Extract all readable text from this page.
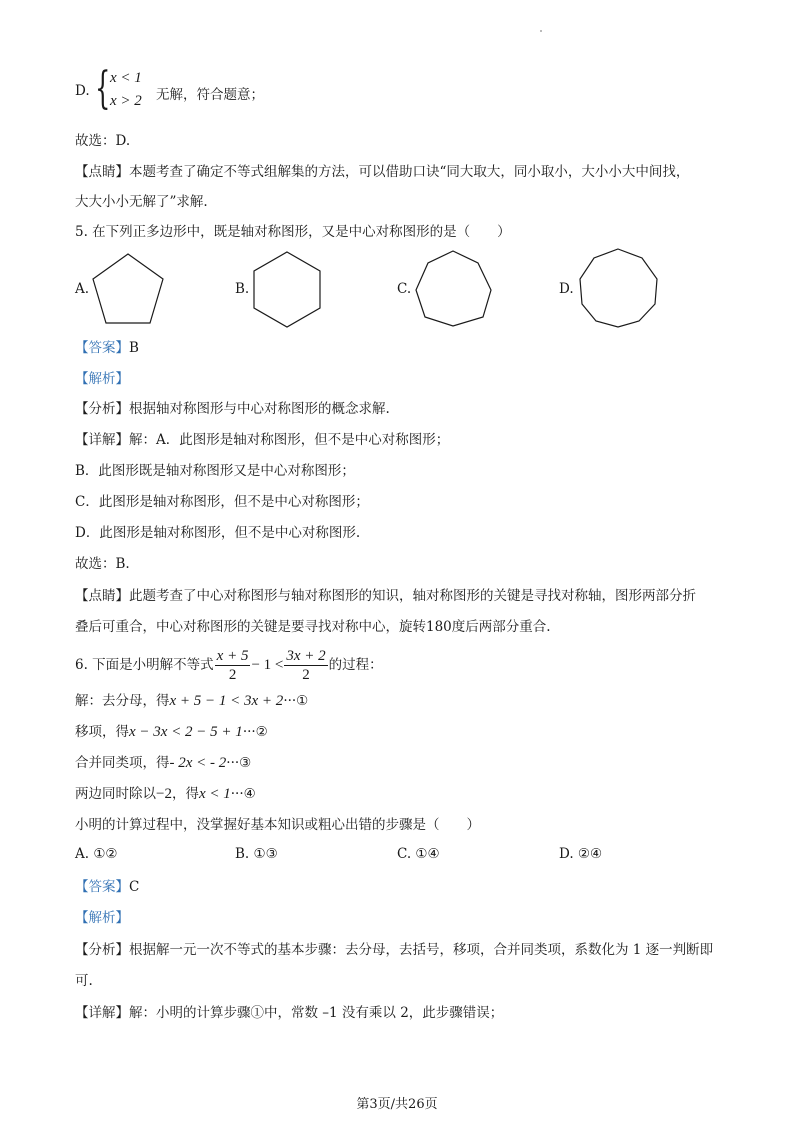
D. { x < 1
x > 2 无解，符合题意；
故选：D.
【点睛】本题考查了确定不等式组解集的方法，可以借助口诀“同大取大，同小取小，大小小大中间找，
大大小小无解了”求解.
5. 在下列正多边形中，既是轴对称图形，又是中心对称图形的是（　　）
A.	B.	C.	D.
【答案】B
【解析】
【分析】根据轴对称图形与中心对称图形的概念求解.
【详解】解：A．此图形是轴对称图形，但不是中心对称图形；
B．此图形既是轴对称图形又是中心对称图形；
C．此图形是轴对称图形，但不是中心对称图形；
D．此图形是轴对称图形，但不是中心对称图形.
故选：B.
【点睛】此题考查了中心对称图形与轴对称图形的知识，轴对称图形的关键是寻找对称轴，图形两部分折
叠后可重合，中心对称图形的关键是要寻找对称中心，旋转180度后两部分重合.
6. 下面是小明解不等式 $\frac{x + 5}{2} - 1 < \frac{3x + 2}{2}$ 的过程：
解：去分母，得x + 5 − 1 < 3x + 2···①
移项，得x − 3x < 2 − 5 + 1···②
合并同类项，得- 2x < - 2···③
两边同时除以−2，得x < 1···④
小明的计算过程中，没掌握好基本知识或粗心出错的步骤是（　　）
A. ①②	B. ①③	C. ①④	D. ②④
【答案】C
【解析】
【分析】根据解一元一次不等式的基本步骤：去分母，去括号，移项，合并同类项，系数化为 1 逐一判断即
可.
【详解】解：小明的计算步骤①中，常数 –1 没有乘以 2，此步骤错误；
第3页/共26页
